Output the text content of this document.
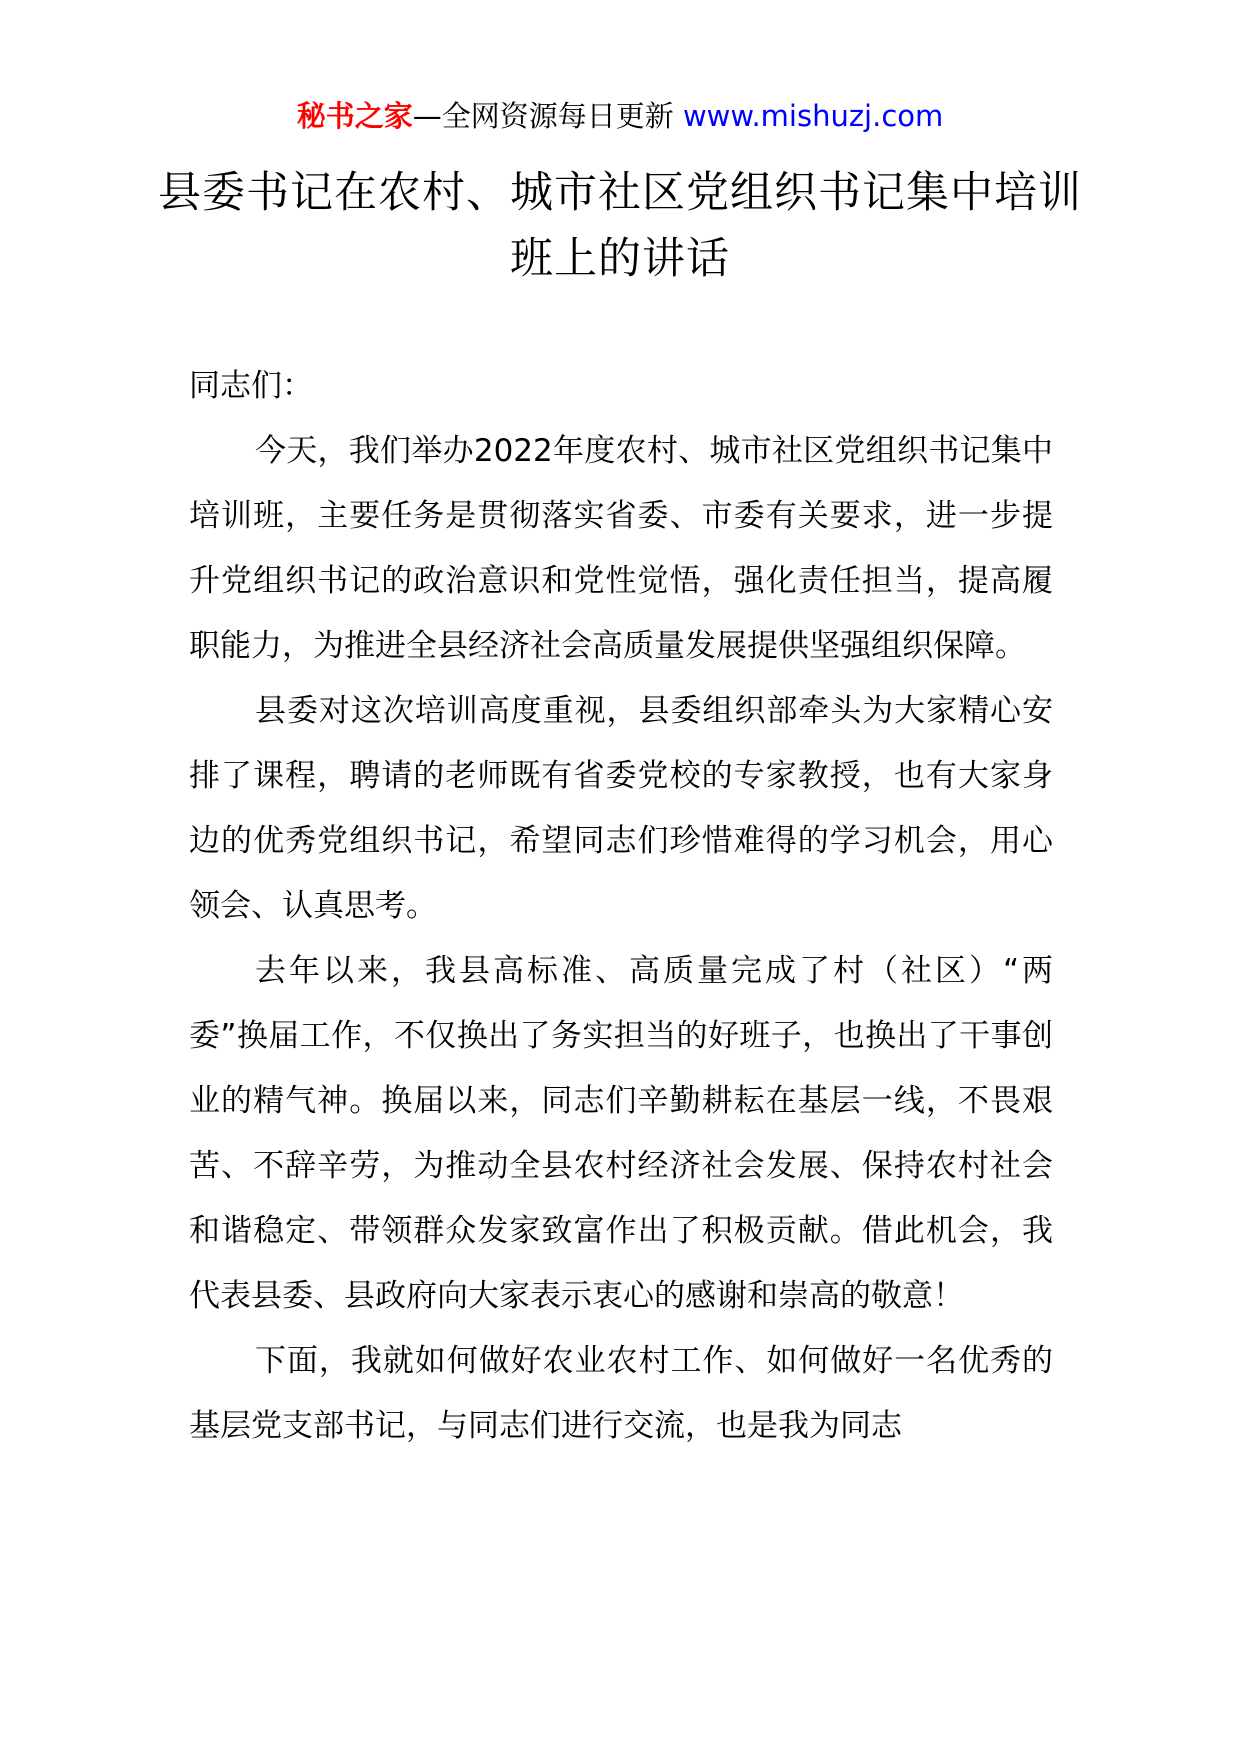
秘书之家—全网资源每日更新 www.mishuzj.com
县委书记在农村、城市社区党组织书记集中培训班上的讲话

同志们：

今天，我们举办2022年度农村、城市社区党组织书记集中培训班，主要任务是贯彻落实省委、市委有关要求，进一步提升党组织书记的政治意识和党性觉悟，强化责任担当，提高履职能力，为推进全县经济社会高质量发展提供坚强组织保障。

县委对这次培训高度重视，县委组织部牵头为大家精心安排了课程，聘请的老师既有省委党校的专家教授，也有大家身边的优秀党组织书记，希望同志们珍惜难得的学习机会，用心领会、认真思考。

去年以来，我县高标准、高质量完成了村（社区）“两委”换届工作，不仅换出了务实担当的好班子，也换出了干事创业的精气神。换届以来，同志们辛勤耕耘在基层一线，不畏艰苦、不辞辛劳，为推动全县农村经济社会发展、保持农村社会和谐稳定、带领群众发家致富作出了积极贡献。借此机会，我代表县委、县政府向大家表示衷心的感谢和崇高的敬意！

下面，我就如何做好农业农村工作、如何做好一名优秀的基层党支部书记，与同志们进行交流，也是我为同志
